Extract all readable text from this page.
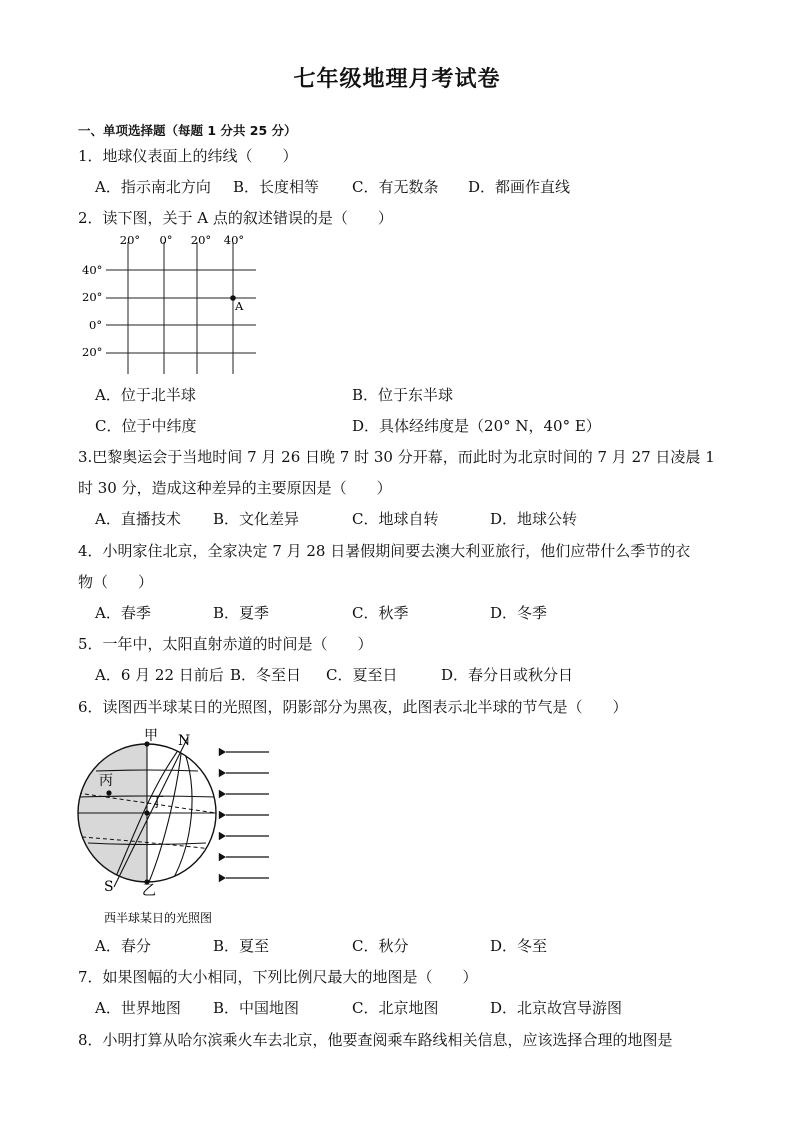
七年级地理月考试卷
一、单项选择题（每题 1 分共 25 分）
1．地球仪表面上的纬线（　　）
A．指示南北方向 B．长度相等 C．有无数条 D．都画作直线
2．读下图，关于 A 点的叙述错误的是（　　）
20° 0° 20° 40°
40°
20°
0°
20°
A
A．位于北半球	B．位于东半球
C．位于中纬度	D．具体经纬度是（20° N，40° E）
3.巴黎奥运会于当地时间 7 月 26 日晚 7 时 30 分开幕，而此时为北京时间的 7 月 27 日凌晨 1
时 30 分，造成这种差异的主要原因是（　　）
A．直播技术 B．文化差异	C．地球自转	D．地球公转
4．小明家住北京，全家决定 7 月 28 日暑假期间要去澳大利亚旅行，他们应带什么季节的衣
物（　　）
A．春季	B．夏季	C．秋季	D．冬季
5．一年中，太阳直射赤道的时间是（　　）
A．6 月 22 日前后 B．冬至日 C．夏至日	D．春分日或秋分日
6．读图西半球某日的光照图，阴影部分为黑夜，此图表示北半球的节气是（　　）
甲 N
丙
丁
S 乙
西半球某日的光照图
A．春分	B．夏至	C．秋分	D．冬至
7．如果图幅的大小相同，下列比例尺最大的地图是（　　）
A．世界地图 B．中国地图	C．北京地图	D．北京故宫导游图
8．小明打算从哈尔滨乘火车去北京，他要查阅乘车路线相关信息，应该选择合理的地图是
